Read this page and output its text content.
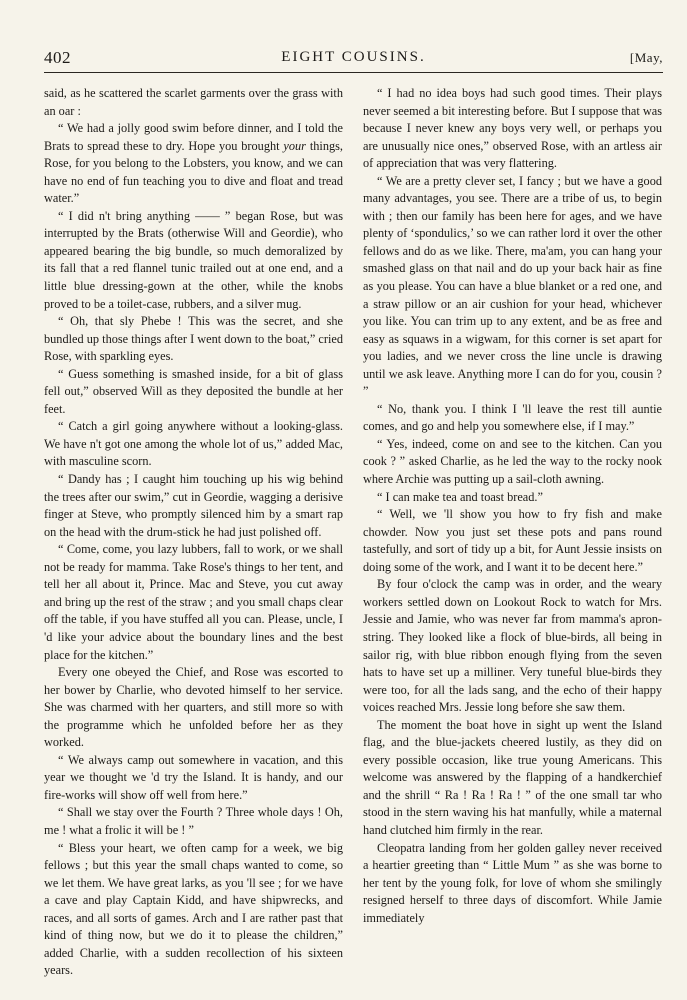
402	EIGHT COUSINS.	[May,

said, as he scattered the scarlet garments over the grass with an oar :

“ We had a jolly good swim before dinner, and I told the Brats to spread these to dry. Hope you brought your things, Rose, for you belong to the Lobsters, you know, and we can have no end of fun teaching you to dive and float and tread water.”

“ I did n't bring anything —— ” began Rose, but was interrupted by the Brats (otherwise Will and Geordie), who appeared bearing the big bundle, so much demoralized by its fall that a red flannel tunic trailed out at one end, and a little blue dressing-gown at the other, while the knobs proved to be a toilet-case, rubbers, and a silver mug.

“ Oh, that sly Phebe ! This was the secret, and she bundled up those things after I went down to the boat,” cried Rose, with sparkling eyes.

“ Guess something is smashed inside, for a bit of glass fell out,” observed Will as they deposited the bundle at her feet.

“ Catch a girl going anywhere without a looking-glass. We have n't got one among the whole lot of us,” added Mac, with masculine scorn.

“ Dandy has ; I caught him touching up his wig behind the trees after our swim,” cut in Geordie, wagging a derisive finger at Steve, who promptly silenced him by a smart rap on the head with the drum-stick he had just polished off.

“ Come, come, you lazy lubbers, fall to work, or we shall not be ready for mamma. Take Rose's things to her tent, and tell her all about it, Prince. Mac and Steve, you cut away and bring up the rest of the straw ; and you small chaps clear off the table, if you have stuffed all you can. Please, uncle, I 'd like your advice about the boundary lines and the best place for the kitchen.”

Every one obeyed the Chief, and Rose was escorted to her bower by Charlie, who devoted himself to her service. She was charmed with her quarters, and still more so with the programme which he unfolded before her as they worked.

“ We always camp out somewhere in vacation, and this year we thought we 'd try the Island. It is handy, and our fire-works will show off well from here.”

“ Shall we stay over the Fourth ? Three whole days ! Oh, me ! what a frolic it will be ! ”

“ Bless your heart, we often camp for a week, we big fellows ; but this year the small chaps wanted to come, so we let them. We have great larks, as you 'll see ; for we have a cave and play Captain Kidd, and have shipwrecks, and races, and all sorts of games. Arch and I are rather past that kind of thing now, but we do it to please the children,” added Charlie, with a sudden recollection of his sixteen years.

“ I had no idea boys had such good times. Their plays never seemed a bit interesting before. But I suppose that was because I never knew any boys very well, or perhaps you are unusually nice ones,” observed Rose, with an artless air of appreciation that was very flattering.

“ We are a pretty clever set, I fancy ; but we have a good many advantages, you see. There are a tribe of us, to begin with ; then our family has been here for ages, and we have plenty of ‘spondulics,’ so we can rather lord it over the other fellows and do as we like. There, ma'am, you can hang your smashed glass on that nail and do up your back hair as fine as you please. You can have a blue blanket or a red one, and a straw pillow or an air cushion for your head, whichever you like. You can trim up to any extent, and be as free and easy as squaws in a wigwam, for this corner is set apart for you ladies, and we never cross the line uncle is drawing until we ask leave. Anything more I can do for you, cousin ? ”

“ No, thank you. I think I 'll leave the rest till auntie comes, and go and help you somewhere else, if I may.”

“ Yes, indeed, come on and see to the kitchen. Can you cook ? ” asked Charlie, as he led the way to the rocky nook where Archie was putting up a sail-cloth awning.

“ I can make tea and toast bread.”

“ Well, we 'll show you how to fry fish and make chowder. Now you just set these pots and pans round tastefully, and sort of tidy up a bit, for Aunt Jessie insists on doing some of the work, and I want it to be decent here.”

By four o'clock the camp was in order, and the weary workers settled down on Lookout Rock to watch for Mrs. Jessie and Jamie, who was never far from mamma's apron-string. They looked like a flock of blue-birds, all being in sailor rig, with blue ribbon enough flying from the seven hats to have set up a milliner. Very tuneful blue-birds they were too, for all the lads sang, and the echo of their happy voices reached Mrs. Jessie long before she saw them.

The moment the boat hove in sight up went the Island flag, and the blue-jackets cheered lustily, as they did on every possible occasion, like true young Americans. This welcome was answered by the flapping of a handkerchief and the shrill “ Ra ! Ra ! Ra ! ” of the one small tar who stood in the stern waving his hat manfully, while a maternal hand clutched him firmly in the rear.

Cleopatra landing from her golden galley never received a heartier greeting than “ Little Mum ” as she was borne to her tent by the young folk, for love of whom she smilingly resigned herself to three days of discomfort. While Jamie immediately
